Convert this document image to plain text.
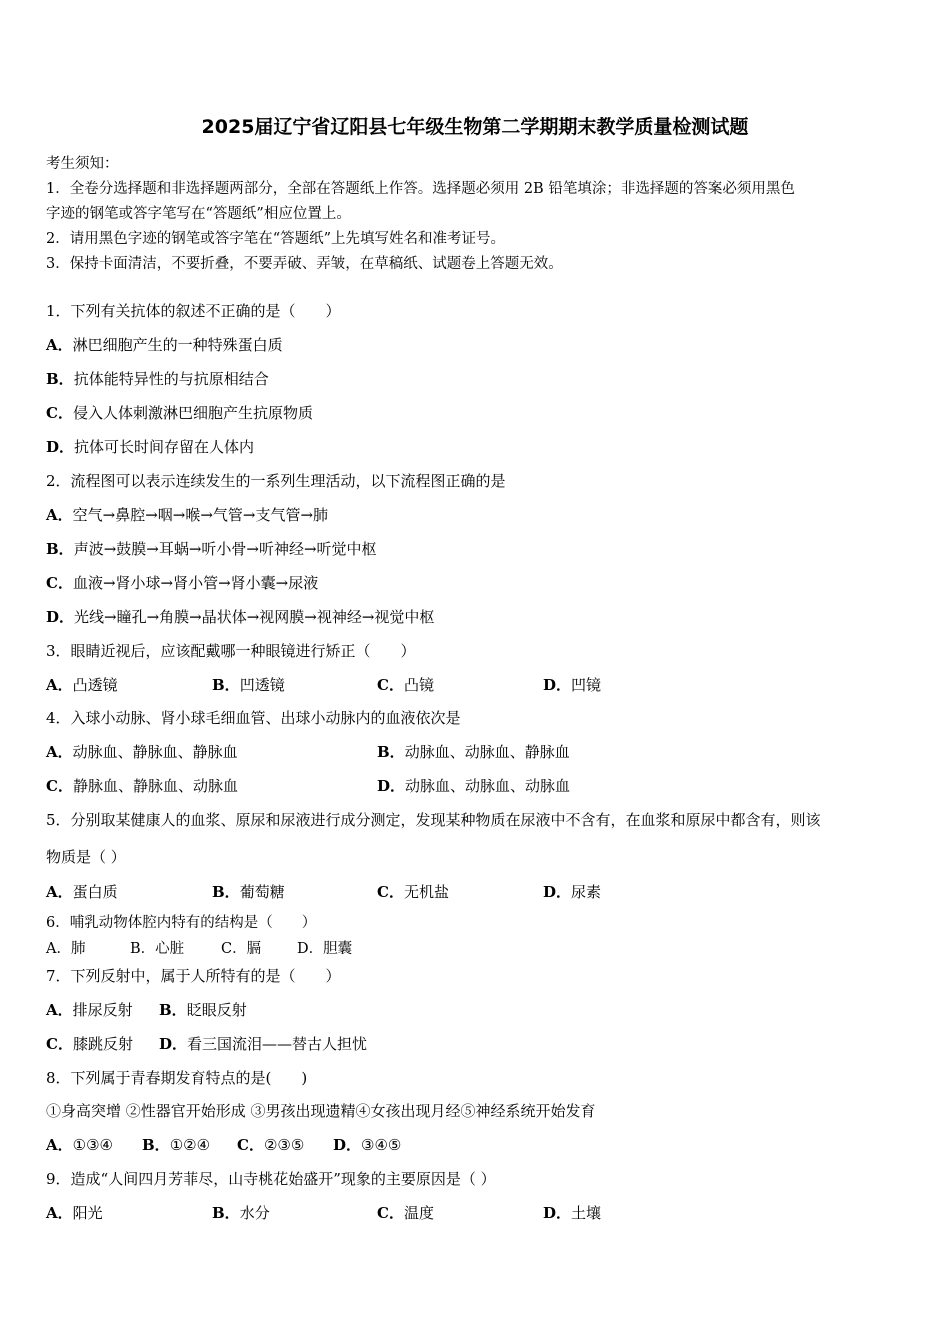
2025届辽宁省辽阳县七年级生物第二学期期末教学质量检测试题
考生须知：
1．全卷分选择题和非选择题两部分，全部在答题纸上作答。选择题必须用 2B 铅笔填涂；非选择题的答案必须用黑色
字迹的钢笔或答字笔写在“答题纸”相应位置上。
2．请用黑色字迹的钢笔或答字笔在“答题纸”上先填写姓名和准考证号。
3．保持卡面清洁，不要折叠，不要弄破、弄皱，在草稿纸、试题卷上答题无效。
1．下列有关抗体的叙述不正确的是（　　）
A．淋巴细胞产生的一种特殊蛋白质
B．抗体能特异性的与抗原相结合
C．侵入人体刺激淋巴细胞产生抗原物质
D．抗体可长时间存留在人体内
2．流程图可以表示连续发生的一系列生理活动，以下流程图正确的是
A．空气→鼻腔→咽→喉→气管→支气管→肺
B．声波→鼓膜→耳蜗→听小骨→听神经→听觉中枢
C．血液→肾小球→肾小管→肾小囊→尿液
D．光线→瞳孔→角膜→晶状体→视网膜→视神经→视觉中枢
3．眼睛近视后，应该配戴哪一种眼镜进行矫正（　　）
A．凸透镜	B．凹透镜	C．凸镜	D．凹镜
4．入球小动脉、肾小球毛细血管、出球小动脉内的血液依次是
A．动脉血、静脉血、静脉血	B．动脉血、动脉血、静脉血
C．静脉血、静脉血、动脉血	D．动脉血、动脉血、动脉血
5．分别取某健康人的血浆、原尿和尿液进行成分测定，发现某种物质在尿液中不含有，在血浆和原尿中都含有，则该
物质是（ ）
A．蛋白质	B．葡萄糖	C．无机盐	D．尿素
6．哺乳动物体腔内特有的结构是（　　）
A．肺	B．心脏	C．膈 D．胆囊
7．下列反射中，属于人所特有的是（　　）
A．排尿反射 B．眨眼反射
C．膝跳反射 D．看三国流泪——替古人担忧
8．下列属于青春期发育特点的是(　　)
①身高突增 ②性器官开始形成 ③男孩出现遗精④女孩出现月经⑤神经系统开始发育
A．①③④ B．①②④ C．②③⑤ D．③④⑤
9．造成“人间四月芳菲尽，山寺桃花始盛开”现象的主要原因是（ ）
A．阳光	B．水分	C．温度	D．土壤
